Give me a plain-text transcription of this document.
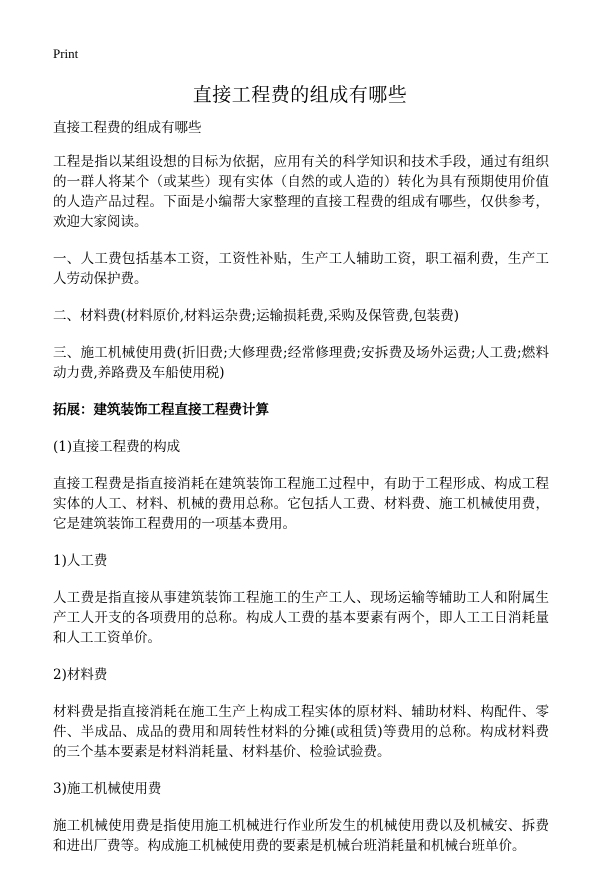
Print
直接工程费的组成有哪些

直接工程费的组成有哪些

工程是指以某组设想的目标为依据，应用有关的科学知识和技术手段，通过有组织的一群人将某个（或某些）现有实体（自然的或人造的）转化为具有预期使用价值的人造产品过程。下面是小编帮大家整理的直接工程费的组成有哪些，仅供参考，欢迎大家阅读。

一、人工费包括基本工资，工资性补贴，生产工人辅助工资，职工福利费，生产工人劳动保护费。

二、材料费(材料原价,材料运杂费;运输损耗费,采购及保管费,包装费)

三、施工机械使用费(折旧费;大修理费;经常修理费;安拆费及场外运费;人工费;燃料动力费,养路费及车船使用税)

拓展：建筑装饰工程直接工程费计算

(1)直接工程费的构成

直接工程费是指直接消耗在建筑装饰工程施工过程中，有助于工程形成、构成工程实体的人工、材料、机械的费用总称。它包括人工费、材料费、施工机械使用费，它是建筑装饰工程费用的一项基本费用。

1)人工费

人工费是指直接从事建筑装饰工程施工的生产工人、现场运输等辅助工人和附属生产工人开支的各项费用的总称。构成人工费的基本要素有两个，即人工工日消耗量和人工工资单价。

2)材料费

材料费是指直接消耗在施工生产上构成工程实体的原材料、辅助材料、构配件、零件、半成品、成品的费用和周转性材料的分摊(或租赁)等费用的总称。构成材料费的三个基本要素是材料消耗量、材料基价、检验试验费。

3)施工机械使用费

施工机械使用费是指使用施工机械进行作业所发生的机械使用费以及机械安、拆费和进出厂费等。构成施工机械使用费的要素是机械台班消耗量和机械台班单价。
